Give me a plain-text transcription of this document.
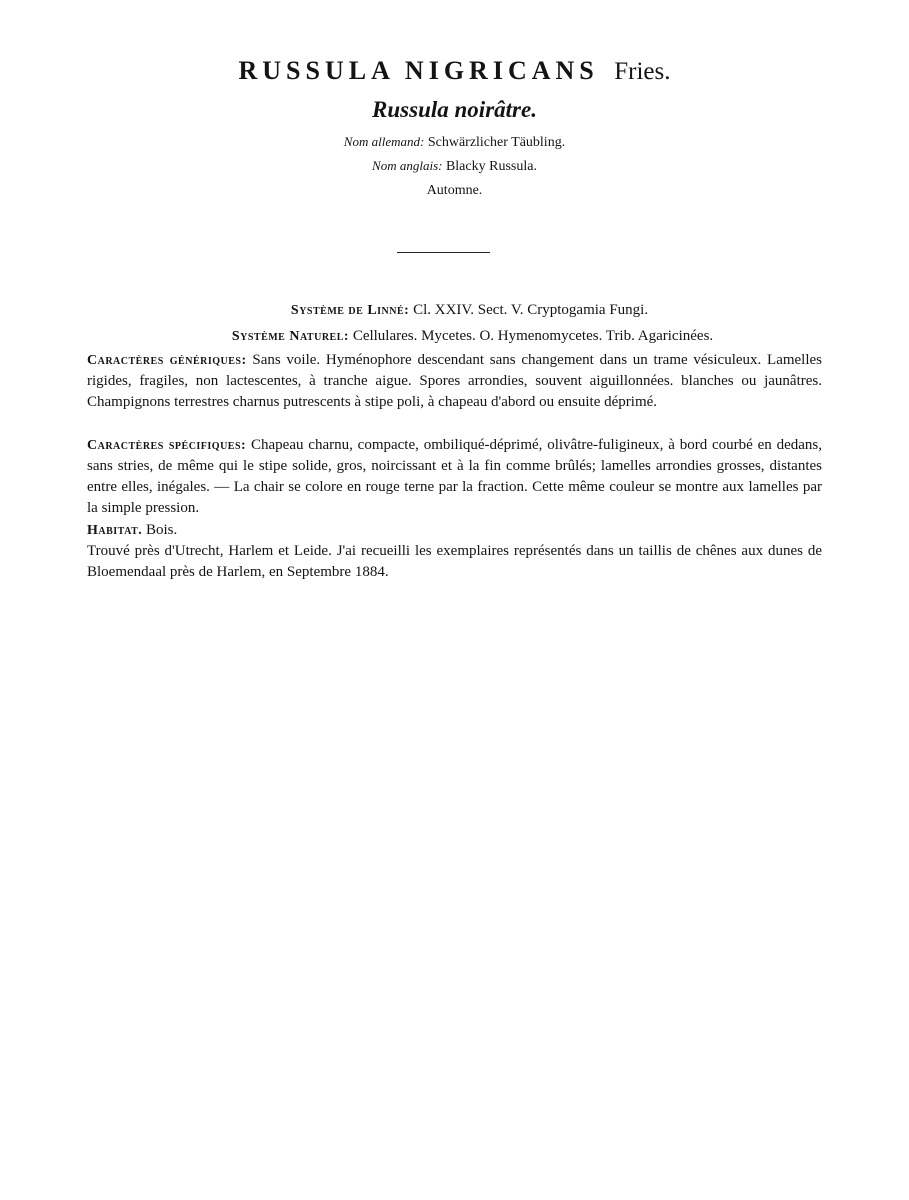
RUSSULA NIGRICANS Fries.
Russula noirâtre.
Nom allemand: Schwärzlicher Täubling.
Nom anglais: Blacky Russula.
Automne.
Système de Linné: Cl. XXIV. Sect. V. Cryptogamia Fungi.
Système Naturel: Cellulares. Mycetes. O. Hymenomycetes. Trib. Agaricinées.

Caractères génériques: Sans voile. Hyménophore descendant sans changement dans un trame vésiculeux. Lamelles rigides, fragiles, non lactescentes, à tranche aigue. Spores arrondies, souvent aiguillonnées. blanches ou jaunâtres. Champignons terrestres charnus putrescents à stipe poli, à chapeau d'abord ou ensuite déprimé.

Caractères spécifiques: Chapeau charnu, compacte, ombiliqué-déprimé, olivâtre-fuligineux, à bord courbé en dedans, sans stries, de même qui le stipe solide, gros, noircissant et à la fin comme brûlés; lamelles arrondies grosses, distantes entre elles, inégales. — La chair se colore en rouge terne par la fraction. Cette même couleur se montre aux lamelles par la simple pression.

Habitat. Bois.

Trouvé près d'Utrecht, Harlem et Leide. J'ai recueilli les exemplaires représentés dans un taillis de chênes aux dunes de Bloemendaal près de Harlem, en Septembre 1884.
